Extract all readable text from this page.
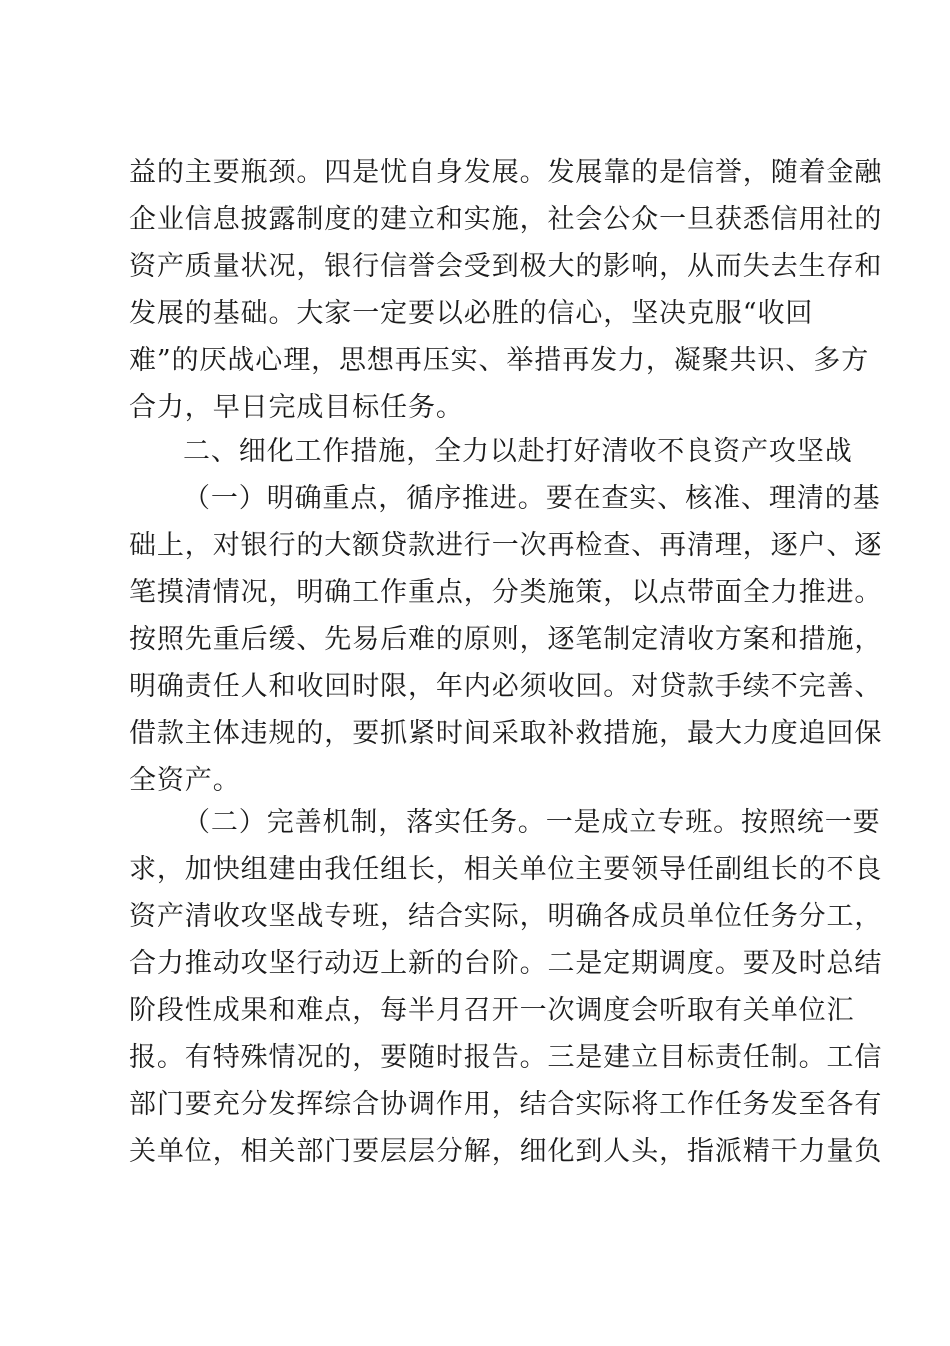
益的主要瓶颈。四是忧自身发展。发展靠的是信誉，随着金融
企业信息披露制度的建立和实施，社会公众一旦获悉信用社的
资产质量状况，银行信誉会受到极大的影响，从而失去生存和
发展的基础。大家一定要以必胜的信心，坚决克服“收回
难”的厌战心理，思想再压实、举措再发力，凝聚共识、多方
合力，早日完成目标任务。
二、细化工作措施，全力以赴打好清收不良资产攻坚战
（一）明确重点，循序推进。要在查实、核准、理清的基
础上，对银行的大额贷款进行一次再检查、再清理，逐户、逐
笔摸清情况，明确工作重点，分类施策，以点带面全力推进。
按照先重后缓、先易后难的原则，逐笔制定清收方案和措施，
明确责任人和收回时限，年内必须收回。对贷款手续不完善、
借款主体违规的，要抓紧时间采取补救措施，最大力度追回保
全资产。
（二）完善机制，落实任务。一是成立专班。按照统一要
求，加快组建由我任组长，相关单位主要领导任副组长的不良
资产清收攻坚战专班，结合实际，明确各成员单位任务分工，
合力推动攻坚行动迈上新的台阶。二是定期调度。要及时总结
阶段性成果和难点，每半月召开一次调度会听取有关单位汇
报。有特殊情况的，要随时报告。三是建立目标责任制。工信
部门要充分发挥综合协调作用，结合实际将工作任务发至各有
关单位，相关部门要层层分解，细化到人头，指派精干力量负
